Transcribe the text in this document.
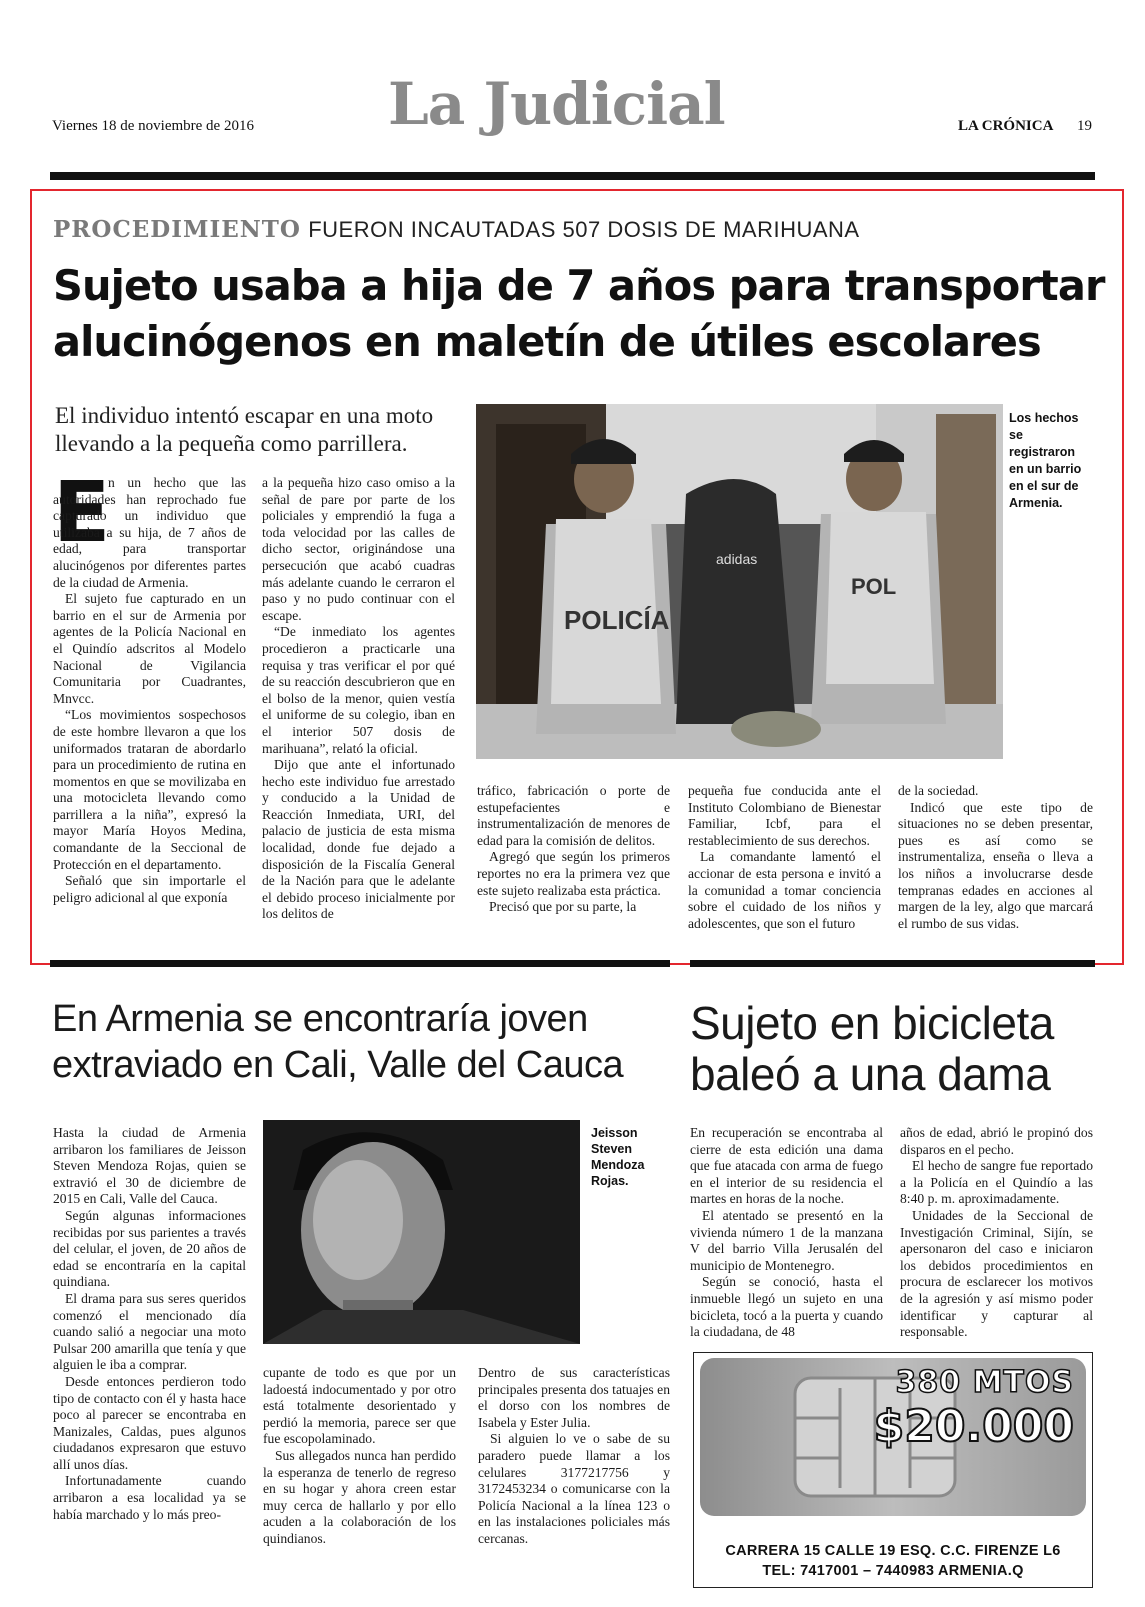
Viernes 18 de noviembre de 2016 La Judicial	LA CRÓNICA 19
PROCEDIMIENTO FUERON INCAUTADAS 507 DOSIS DE MARIHUANA
Sujeto usaba a hija de 7 años para transportar
alucinógenos en maletín de útiles escolares
El individuo intentó escapar en una moto
llevando a la pequeña como parrillera.
E

n un hecho que las autoridades han reprochado fue capturado un individuo que utilizaba a su hija, de 7 años de edad, para transportar alucinógenos por diferentes partes de la ciudad de Armenia.

El sujeto fue capturado en un barrio en el sur de Armenia por agentes de la Policía Nacional en el Quindío adscritos al Modelo Nacional de Vigilancia Comunitaria por Cuadrantes, Mnvcc.

“Los movimientos sospechosos de este hombre llevaron a que los uniformados trataran de abordarlo para un procedimiento de rutina en momentos en que se movilizaba en una motocicleta llevando como parrillera a la niña”, expresó la mayor María Hoyos Medina, comandante de la Seccional de Protección en el departamento.

Señaló que sin importarle el peligro adicional al que exponía

a la pequeña hizo caso omiso a la señal de pare por parte de los policiales y emprendió la fuga a toda velocidad por las calles de dicho sector, originándose una persecución que acabó cuadras más adelante cuando le cerraron el paso y no pudo continuar con el escape.

“De inmediato los agentes procedieron a practicarle una requisa y tras verificar el por qué de su reacción descubrieron que en el bolso de la menor, quien vestía el uniforme de su colegio, iban en el interior 507 dosis de marihuana”, relató la oficial.

Dijo que ante el infortunado hecho este individuo fue arrestado y conducido a la Unidad de Reacción Inmediata, URI, del palacio de justicia de esta misma localidad, donde fue dejado a disposición de la Fiscalía General de la Nación para que le adelante el debido proceso inicialmente por los delitos de

POLICÍA
adidas
POL
Los hechos se registraron en un barrio en el sur de Armenia.

tráfico, fabricación o porte de estupefacientes e instrumentalización de menores de edad para la comisión de delitos.

Agregó que según los primeros reportes no era la primera vez que este sujeto realizaba esta práctica.

Precisó que por su parte, la

pequeña fue conducida ante el Instituto Colombiano de Bienestar Familiar, Icbf, para el restablecimiento de sus derechos.

La comandante lamentó el accionar de esta persona e invitó a la comunidad a tomar conciencia sobre el cuidado de los niños y adolescentes, que son el futuro

de la sociedad.

Indicó que este tipo de situaciones no se deben presentar, pues es así como se instrumentaliza, enseña o lleva a los niños a involucrarse desde tempranas edades en acciones al margen de la ley, algo que marcará el rumbo de sus vidas.

En Armenia se encontraría joven
extraviado en Cali, Valle del Cauca

Hasta la ciudad de Armenia arribaron los familiares de Jeisson Steven Mendoza Rojas, quien se extravió el 30 de diciembre de 2015 en Cali, Valle del Cauca.

Según algunas informaciones recibidas por sus parientes a través del celular, el joven, de 20 años de edad se encontraría en la capital quindiana.

El drama para sus seres queridos comenzó el mencionado día cuando salió a negociar una moto Pulsar 200 amarilla que tenía y que alguien le iba a comprar.

Desde entonces perdieron todo tipo de contacto con él y hasta hace poco al parecer se encontraba en Manizales, Caldas, pues algunos ciudadanos expresaron que estuvo allí unos días.

Infortunadamente cuando arribaron a esa localidad ya se había marchado y lo más preo-

Jeisson Steven Mendoza Rojas.

cupante de todo es que por un ladoestá indocumentado y por otro está totalmente desorientado y perdió la memoria, parece ser que fue escopolaminado.

Sus allegados nunca han perdido la esperanza de tenerlo de regreso en su hogar y ahora creen estar muy cerca de hallarlo y por ello acuden a la colaboración de los quindianos.

Dentro de sus características principales presenta dos tatuajes en el dorso con los nombres de Isabela y Ester Julia.

Si alguien lo ve o sabe de su paradero puede llamar a los celulares 3177217756 y 3172453234 o comunicarse con la Policía Nacional a la línea 123 o en las instalaciones policiales más cercanas.

Sujeto en bicicleta
baleó a una dama

En recuperación se encontraba al cierre de esta edición una dama que fue atacada con arma de fuego en el interior de su residencia el martes en horas de la noche.

El atentado se presentó en la vivienda número 1 de la manzana V del barrio Villa Jerusalén del municipio de Montenegro.

Según se conoció, hasta el inmueble llegó un sujeto en una bicicleta, tocó a la puerta y cuando la ciudadana, de 48

años de edad, abrió le propinó dos disparos en el pecho.

El hecho de sangre fue reportado a la Policía en el Quindío a las 8:40 p. m. aproximadamente.

Unidades de la Seccional de Investigación Criminal, Sijín, se apersonaron del caso e iniciaron los debidos procedimientos en procura de esclarecer los motivos de la agresión y así mismo poder identificar y capturar al responsable.

380 MTOS
$20.000
CARRERA 15 CALLE 19 ESQ. C.C. FIRENZE L6
TEL: 7417001 – 7440983 ARMENIA.Q
